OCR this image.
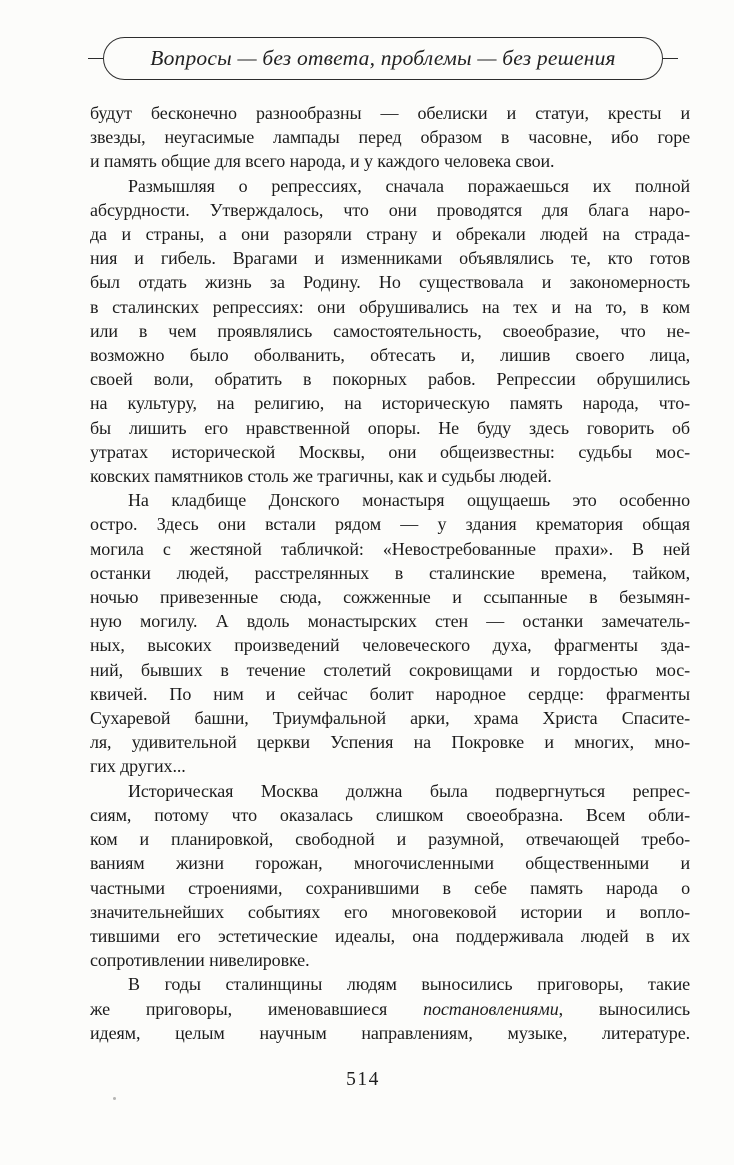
Вопросы — без ответа, проблемы — без решения
будут бесконечно разнообразны — обелиски и статуи, кресты и
звезды, неугасимые лампады перед образом в часовне, ибо горе
и память общие для всего народа, и у каждого человека свои.
Размышляя о репрессиях, сначала поражаешься их полной
абсурдности. Утверждалось, что они проводятся для блага наро-
да и страны, а они разоряли страну и обрекали людей на страда-
ния и гибель. Врагами и изменниками объявлялись те, кто готов
был отдать жизнь за Родину. Но существовала и закономерность
в сталинских репрессиях: они обрушивались на тех и на то, в ком
или в чем проявлялись самостоятельность, своеобразие, что не-
возможно было оболванить, обтесать и, лишив своего лица,
своей воли, обратить в покорных рабов. Репрессии обрушились
на культуру, на религию, на историческую память народа, что-
бы лишить его нравственной опоры. Не буду здесь говорить об
утратах исторической Москвы, они общеизвестны: судьбы мос-
ковских памятников столь же трагичны, как и судьбы людей.
На кладбище Донского монастыря ощущаешь это особенно
остро. Здесь они встали рядом — у здания крематория общая
могила с жестяной табличкой: «Невостребованные прахи». В ней
останки людей, расстрелянных в сталинские времена, тайком,
ночью привезенные сюда, сожженные и ссыпанные в безымян-
ную могилу. А вдоль монастырских стен — останки замечатель-
ных, высоких произведений человеческого духа, фрагменты зда-
ний, бывших в течение столетий сокровищами и гордостью мос-
квичей. По ним и сейчас болит народное сердце: фрагменты
Сухаревой башни, Триумфальной арки, храма Христа Спасите-
ля, удивительной церкви Успения на Покровке и многих, мно-
гих других...
Историческая Москва должна была подвергнуться репрес-
сиям, потому что оказалась слишком своеобразна. Всем обли-
ком и планировкой, свободной и разумной, отвечающей требо-
ваниям жизни горожан, многочисленными общественными и
частными строениями, сохранившими в себе память народа о
значительнейших событиях его многовековой истории и вопло-
тившими его эстетические идеалы, она поддерживала людей в их
сопротивлении нивелировке.
В годы сталинщины людям выносились приговоры, такие
же приговоры, именовавшиеся постановлениями, выносились
идеям, целым научным направлениям, музыке, литературе.
514
